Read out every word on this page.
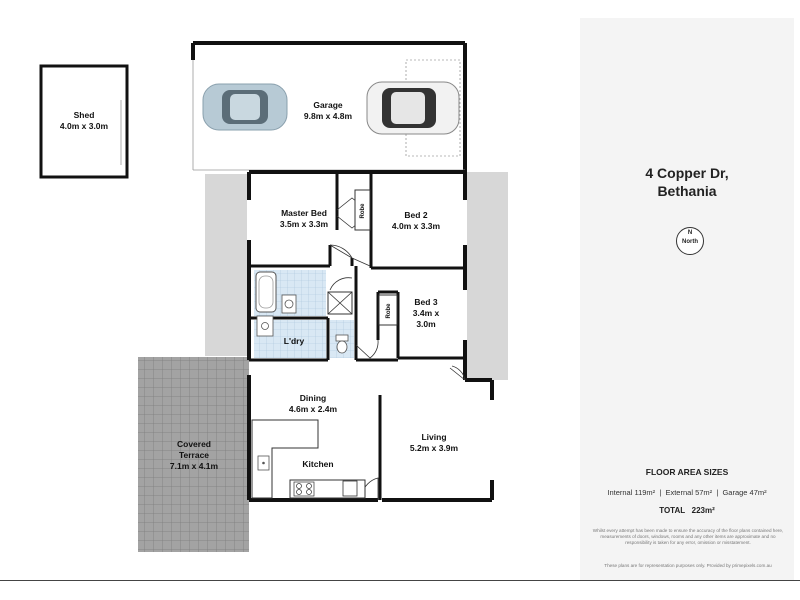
Shed
4.0m x 3.0m
Garage
9.8m x 4.8m
Master Bed
3.5m x 3.3m
Bed 2
4.0m x 3.3m
Bed 3
3.4m x
3.0m
Robe
Robe
L'dry
Dining
4.6m x 2.4m
Kitchen
Living
5.2m x 3.9m
Covered
Terrace
7.1m x 4.1m
4 Copper Dr,
Bethania
N
North
FLOOR AREA SIZES
Internal 119m² | External 57m² | Garage 47m²
TOTAL   223m²
Whilst every attempt has been made to ensure the accuracy of the floor plans contained here, measurements of doors, windows, rooms and any other items are approximate and no responsibility is taken for any error, omission or misstatement.
These plans are for representation purposes only. Provided by primepixels.com.au
